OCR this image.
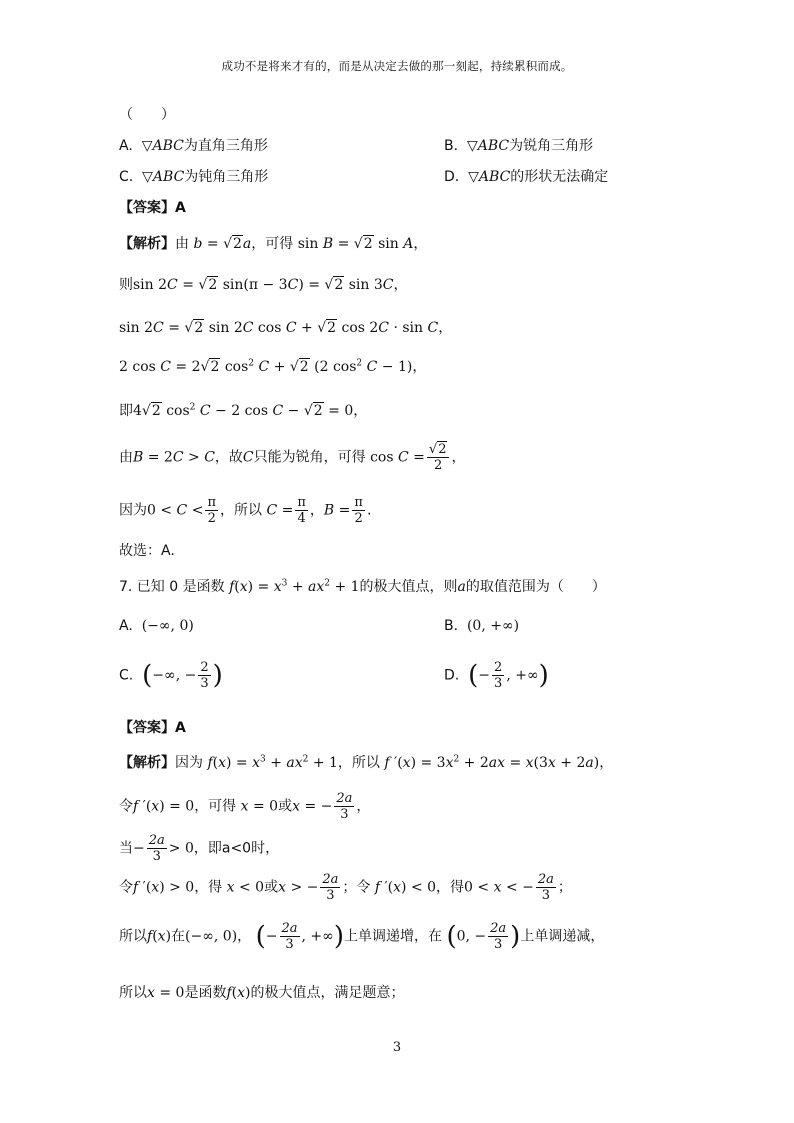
成功不是将来才有的，而是从决定去做的那一刻起，持续累积而成。
（　　）
A. ▽ABC为直角三角形	B. ▽ABC为锐角三角形
C. ▽ABC为钝角三角形	D. ▽ABC的形状无法确定
【答案】A
【解析】由 b = √2a，可得 sin B = √2 sin A，
则sin 2C = √2 sin(π − 3C) = √2 sin 3C，
sin 2C = √2 sin 2C cos C + √2 cos 2C · sin C，
2 cos C = 2√2 $\cos^2 C + √2$ (2 $\cos^2 C - 1$)，
即4√2 $\cos^2 C - 2$ cos C − √2 = 0，
由B = 2C > C，故C只能为锐角，可得 $\cos C = \frac{√2}{2}$ ，
因为$0 < C < \frac{\pi}{2}$ ，所以 $C = \frac{\pi}{4}$ ，$B = \frac{\pi}{2}$ .
故选：A.
7. 已知 0 是函数 $f(x) = x^3 + ax^2 + 1$的极大值点，则a的取值范围为（　　）
A. (−∞, 0)	B. (0, +∞)
C. (−∞, − $\frac{2}{3}$ )	D. (− $\frac{2}{3}$ , +∞)
【答案】A
【解析】因为 $f(x) = x^3 + ax^2 + 1$，所以 f $'(x) = 3x^2 + 2ax = x(3x + 2a)$，
令f ′(x) = 0，可得 x = 0或x = − $\frac{2a}{3}$ ，
当− $\frac{2a}{3} > 0$，即a<0时，
令f ′(x) > 0，得 x < 0或x > − $\frac{2a}{3}$ ；令 f ′(x) < 0，得0 < x < − $\frac{2a}{3}$ ；
所以f(x)在(−∞, 0)， (− $\frac{2a}{3}$ , +∞)上单调递增，在 (0, − $\frac{2a}{3}$ )上单调递减，
所以x = 0是函数f(x)的极大值点，满足题意；
3
